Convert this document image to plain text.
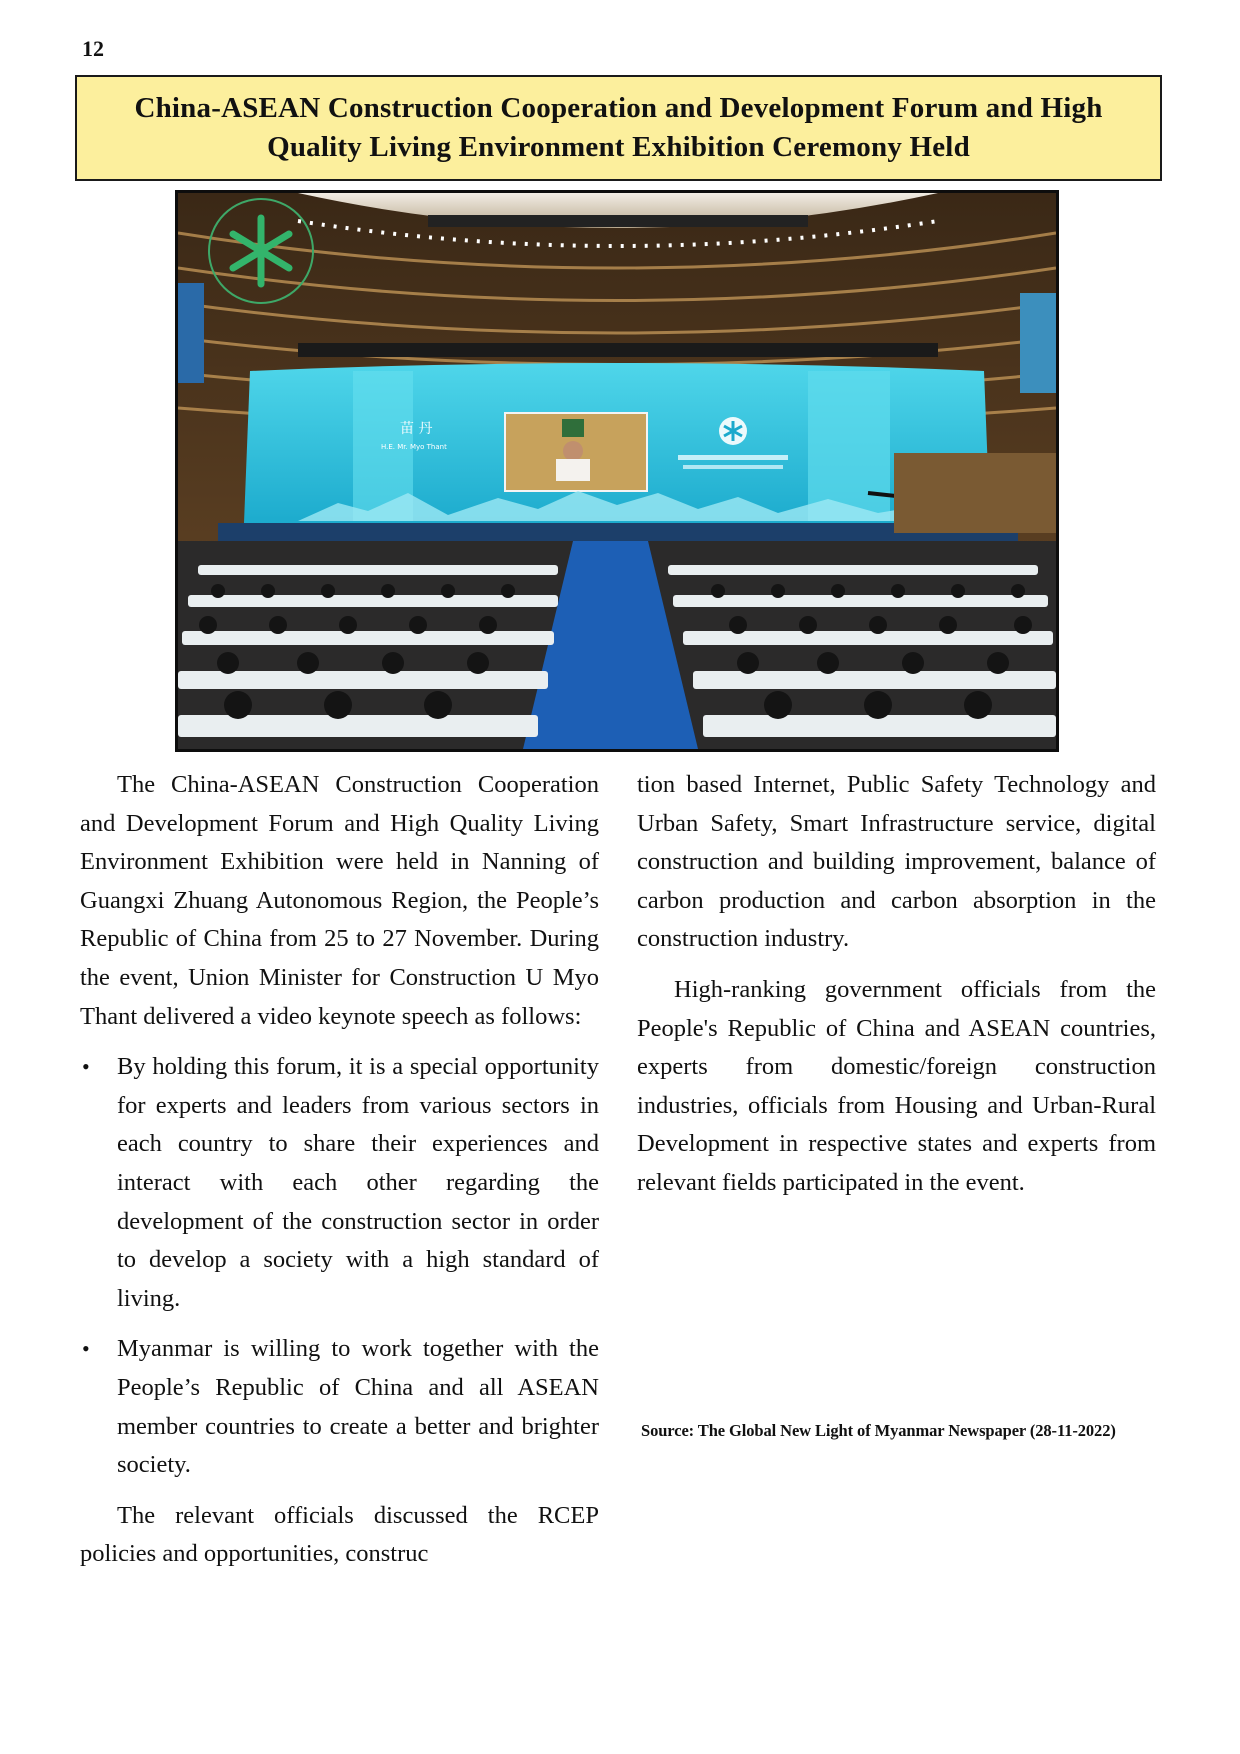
12
China-ASEAN Construction Cooperation and Development Forum and High
Quality Living Environment Exhibition Ceremony Held
苗 丹
H.E. Mr. Myo Thant

The China-ASEAN Construction Cooperation and Development Forum and High Quality Living Environment Exhibition were held in Nanning of Guangxi Zhuang Autonomous Region, the People’s Republic of China from 25 to 27 November. During the event, Union Minister for Construction U Myo Thant delivered a video keynote speech as follows:

• By holding this forum, it is a special opportunity for experts and leaders from various sectors in each country to share their experiences and interact with each other regarding the development of the construction sector in order to develop a society with a high standard of living.
• Myanmar is willing to work together with the People’s Republic of China and all ASEAN member countries to create a better and brighter society.

The relevant officials discussed the RCEP policies and opportunities, construc

tion based Internet, Public Safety Technology and Urban Safety, Smart Infrastructure service, digital construction and building improvement, balance of carbon production and carbon absorption in the construction industry.

High-ranking government officials from the People's Republic of China and ASEAN countries, experts from domestic/foreign construction industries, officials from Housing and Urban-Rural Development in respective states and experts from relevant fields participated in the event.

Source: The Global New Light of Myanmar Newspaper (28-11-2022)
